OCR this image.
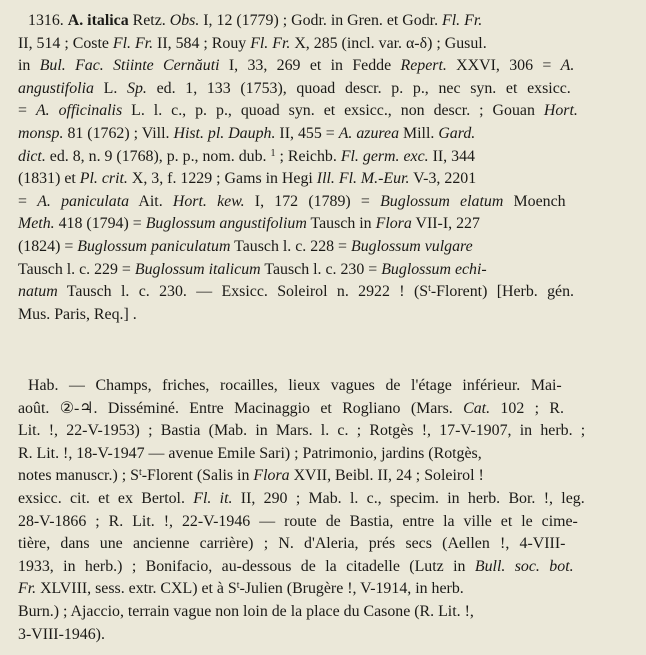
1316. A. italica Retz. Obs. I, 12 (1779) ; Godr. in Gren. et Godr. Fl. Fr.
II, 514 ; Coste Fl. Fr. II, 584 ; Rouy Fl. Fr. X, 285 (incl. var. α-δ) ; Gusul.
in Bul. Fac. Stiinte Cernăuti I, 33, 269 et in Fedde Repert. XXVI, 306 = A.
angustifolia L. Sp. ed. 1, 133 (1753), quoad descr. p. p., nec syn. et exsicc.
= A. officinalis L. l. c., p. p., quoad syn. et exsicc., non descr. ; Gouan Hort.
monsp. 81 (1762) ; Vill. Hist. pl. Dauph. II, 455 = A. azurea Mill. Gard.
dict. ed. 8, n. 9 (1768), p. p., nom. dub. $^1$ ; Reichb. Fl. germ. exc. II, 344
(1831) et Pl. crit. X, 3, f. 1229 ; Gams in Hegi Ill. Fl. M.-Eur. V-3, 2201
= A. paniculata Ait. Hort. kew. I, 172 (1789) = Buglossum elatum Moench
Meth. 418 (1794) = Buglossum angustifolium Tausch in Flora VII-I, 227
(1824) = Buglossum paniculatum Tausch l. c. 228 = Buglossum vulgare
Tausch l. c. 229 = Buglossum italicum Tausch l. c. 230 = Buglossum echi-
natum Tausch l. c. 230. — Exsicc. Soleirol n. 2922 ! $(S^t-Florent)$ [Herb. gén.
Mus. Paris, Req.] .
Hab. — Champs, friches, rocailles, lieux vagues de l'étage inférieur. Mai-
août. ②-♃. Disséminé. Entre Macinaggio et Rogliano (Mars. Cat. 102 ; R.
Lit. !, 22-V-1953) ; Bastia (Mab. in Mars. l. c. ; Rotgès !, 17-V-1907, in herb. ;
R. Lit. !, 18-V-1947 — avenue Emile Sari) ; Patrimonio, jardins (Rotgès,
notes manuscr.) ; $S^t$-Florent (Salis in Flora XVII, Beibl. II, 24 ; Soleirol !
exsicc. cit. et ex Bertol. Fl. it. II, 290 ; Mab. l. c., specim. in herb. Bor. !, leg.
28-V-1866 ; R. Lit. !, 22-V-1946 — route de Bastia, entre la ville et le cime-
tière, dans une ancienne carrière) ; N. d'Aleria, prés secs (Aellen !, 4-VIII-
1933, in herb.) ; Bonifacio, au-dessous de la citadelle (Lutz in Bull. soc. bot.
Fr. XLVIII, sess. extr. CXL) et à $S^t$-Julien (Brugère !, V-1914, in herb.
Burn.) ; Ajaccio, terrain vague non loin de la place du Casone (R. Lit. !,
3-VIII-1946).
